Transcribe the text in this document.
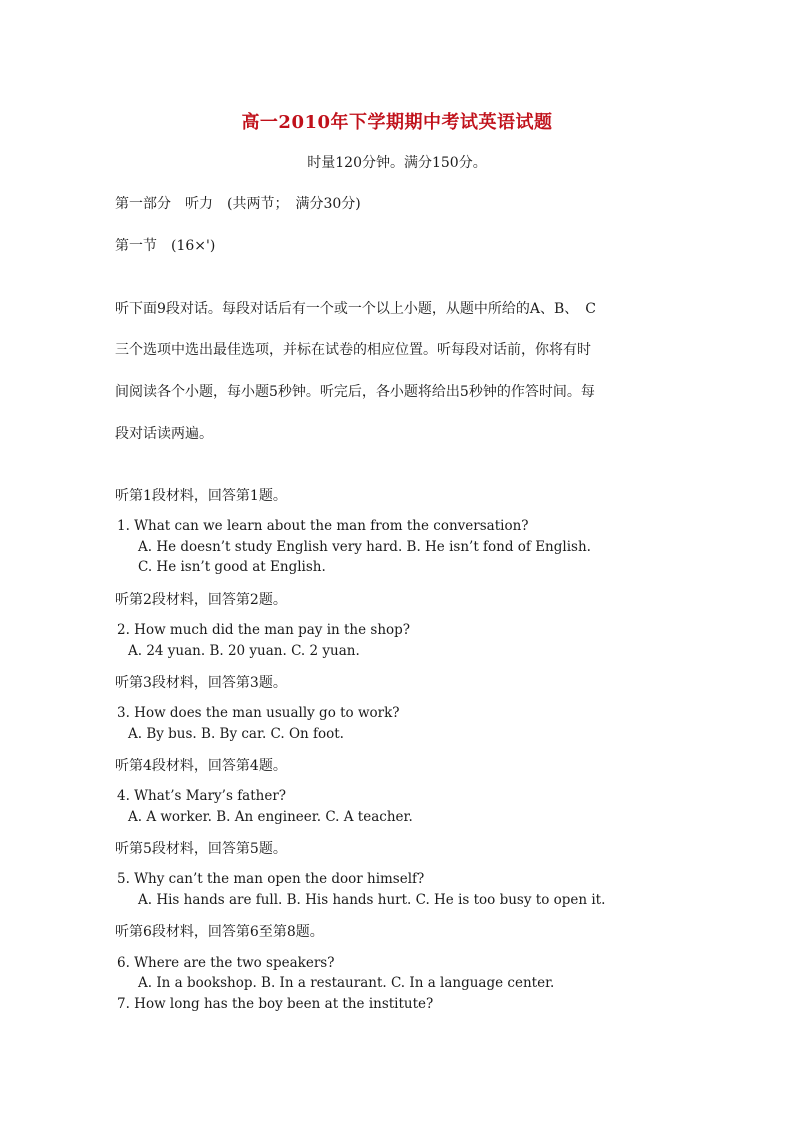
高一2010年下学期期中考试英语试题
时量120分钟。满分150分。
第一部分　听力　(共两节；　满分30分)
第一节　(16×')
听下面9段对话。每段对话后有一个或一个以上小题，从题中所给的A、B、　C
三个选项中选出最佳选项，并标在试卷的相应位置。听每段对话前，你将有时
间阅读各个小题，每小题5秒钟。听完后，各小题将给出5秒钟的作答时间。每
段对话读两遍。
听第1段材料，回答第1题。
1. What can we learn about the man from the conversation?
A. He doesn’t study English very hard. B. He isn’t fond of English.
C. He isn’t good at English.
听第2段材料，回答第2题。
2. How much did the man pay in the shop?
A. 24 yuan. B. 20 yuan. C. 2 yuan.
听第3段材料，回答第3题。
3. How does the man usually go to work?
A. By bus. B. By car. C. On foot.
听第4段材料，回答第4题。
4. What’s Mary’s father?
A. A worker. B. An engineer. C. A teacher.
听第5段材料，回答第5题。
5. Why can’t the man open the door himself?
A. His hands are full. B. His hands hurt. C. He is too busy to open it.
听第6段材料，回答第6至第8题。
6. Where are the two speakers?
A. In a bookshop. B. In a restaurant. C. In a language center.
7. How long has the boy been at the institute?
